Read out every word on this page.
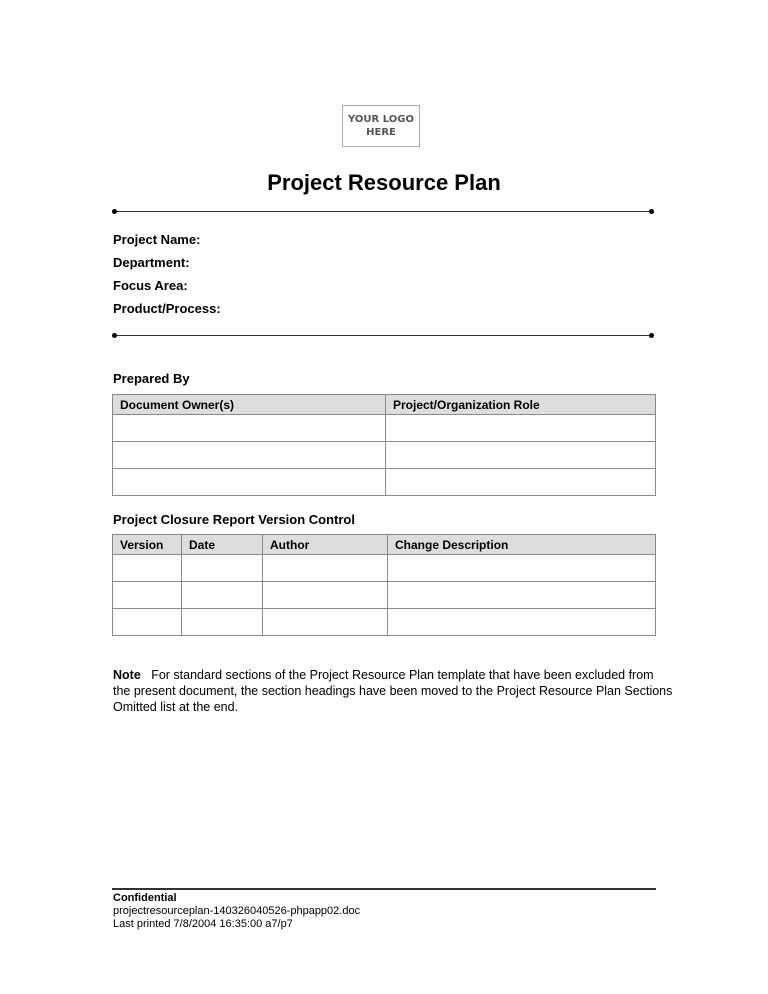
YOUR LOGO
HERE
Project Resource Plan
Project Name:
Department:
Focus Area:
Product/Process:
Prepared By
Document Owner(s)	Project/Organization Role

Project Closure Report Version Control
Version	Date	Author	Change Description

Note For standard sections of the Project Resource Plan template that have been excluded from the present document, the section headings have been moved to the Project Resource Plan Sections Omitted list at the end.
Confidential
projectresourceplan-140326040526-phpapp02.doc
Last printed 7/8/2004 16:35:00 a7/p7
